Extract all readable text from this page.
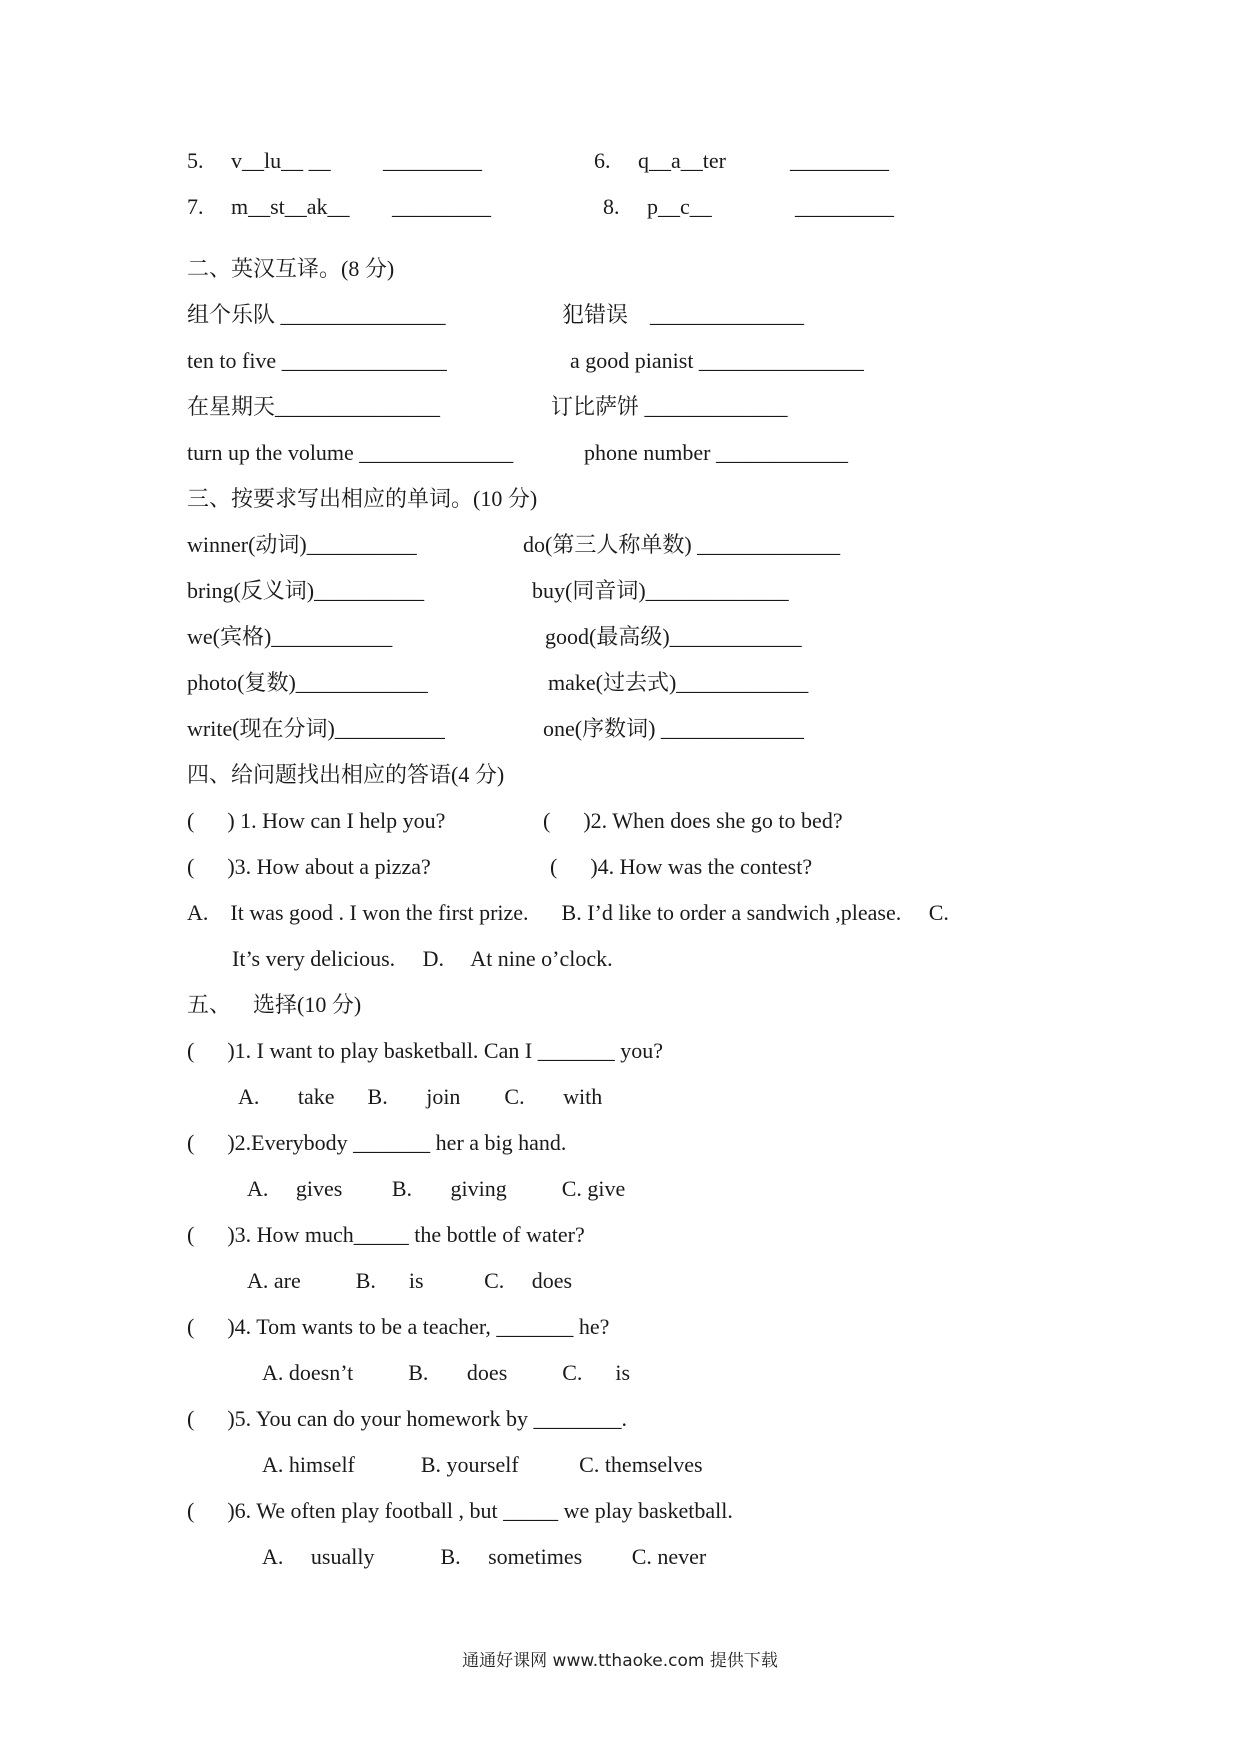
5. v__lu__ __ _________	6. q__a__ter	_________
7. m__st__ak__ _________	8. p__c__	_________
二、英汉互译。(8 分)
组个乐队 _______________	犯错误    ______________
ten to five _______________	a good pianist _______________
在星期天_______________	订比萨饼 _____________
turn up the volume ______________	phone number ____________
三、按要求写出相应的单词。(10 分)
winner(动词)__________	do(第三人称单数) _____________
bring(反义词)__________	buy(同音词)_____________
we(宾格)___________	good(最高级)____________
photo(复数)____________	make(过去式)____________
write(现在分词)__________	one(序数词) _____________
四、给问题找出相应的答语(4 分)
(      ) 1. How can I help you?	(      )2. When does she go to bed?
(      )3. How about a pizza?	(      )4. How was the contest?
A.    It was good . I won the first prize.      B. I’d like to order a sandwich ,please.     C.
It’s very delicious.     D.     At nine o’clock.
五、    选择(10 分)
(      )1. I want to play basketball. Can I _______ you?
A.       take      B.       join        C.       with
(      )2.Everybody _______ her a big hand.
A.     gives         B.       giving          C. give
(      )3. How much_____ the bottle of water?
A. are          B.      is           C.     does
(      )4. Tom wants to be a teacher, _______ he?
A. doesn’t          B.       does          C.      is
(      )5. You can do your homework by ________.
A. himself            B. yourself           C. themselves
(      )6. We often play football , but _____ we play basketball.
A.     usually            B.     sometimes         C. never
通通好课网 www.tthaoke.com 提供下载
